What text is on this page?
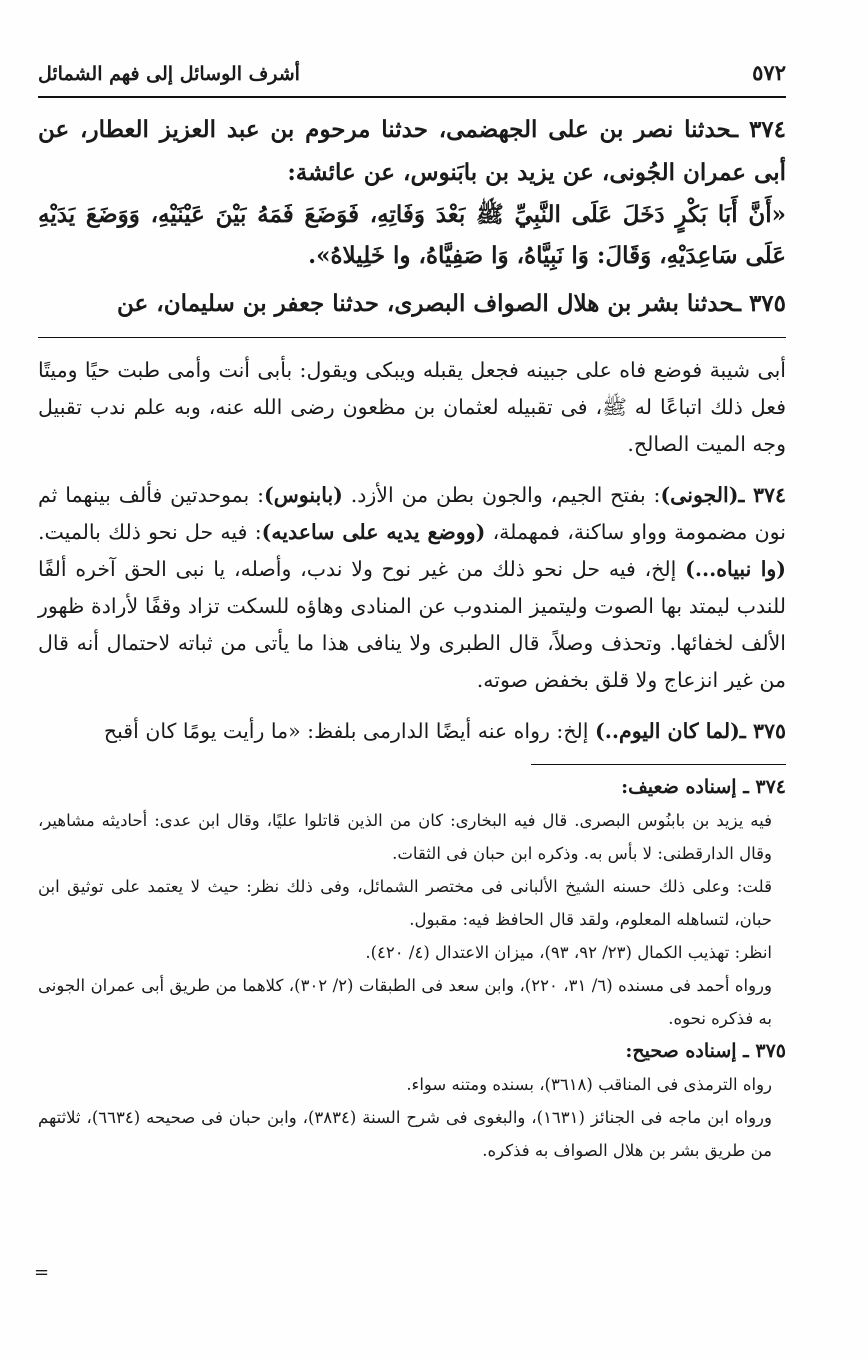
٥٧٢
أشرف الوسائل إلى فهم الشمائل
٣٧٤ ـحدثنا نصر بن على الجهضمى، حدثنا مرحوم بن عبد العزيز العطار، عن أبى عمران الجُونى، عن يزيد بن بابَنوس، عن عائشة:
«أَنَّ أَبَا بَكْرٍ دَخَلَ عَلَى النَّبِيِّ ﷺ بَعْدَ وَفَاتِهِ، فَوَضَعَ فَمَهُ بَيْنَ عَيْنَيْهِ، وَوَضَعَ يَدَيْهِ عَلَى سَاعِدَيْهِ، وَقَالَ: وَا نَبِيَّاهُ، وَا صَفِيَّاهُ، وا خَلِيلاهُ».
٣٧٥ ـحدثنا بشر بن هلال الصواف البصرى، حدثنا جعفر بن سليمان، عن

أبى شيبة فوضع فاه على جبينه فجعل يقبله ويبكى ويقول: بأبى أنت وأمى طبت حيًا وميتًا فعل ذلك اتباعًا له ﷺ، فى تقبيله لعثمان بن مظعون رضى الله عنه، وبه علم ندب تقبيل وجه الميت الصالح.

٣٧٤ ـ(الجونى): بفتح الجيم، والجون بطن من الأزد. (بابنوس): بموحدتين فألف بينهما ثم نون مضمومة وواو ساكنة، فمهملة، (ووضع يديه على ساعديه): فيه حل نحو ذلك بالميت. (وا نبياه...) إلخ، فيه حل نحو ذلك من غير نوح ولا ندب، وأصله، يا نبى الحق آخره ألفًا للندب ليمتد بها الصوت وليتميز المندوب عن المنادى وهاؤه للسكت تزاد وقفًا لأرادة ظهور الألف لخفائها. وتحذف وصلاً، قال الطبرى ولا ينافى هذا ما يأتى من ثباته لاحتمال أنه قال من غير انزعاج ولا قلق بخفض صوته.

٣٧٥ ـ(لما كان اليوم..) إلخ: رواه عنه أيضًا الدارمى بلفظ: «ما رأيت يومًا كان أقبح

٣٧٤ ـ إسناده ضعيف:

فيه يزيد بن بابنُوس البصرى. قال فيه البخارى: كان من الذين قاتلوا عليًا، وقال ابن عدى: أحاديثه مشاهير، وقال الدارقطنى: لا بأس به. وذكره ابن حبان فى الثقات.

قلت: وعلى ذلك حسنه الشيخ الألبانى فى مختصر الشمائل، وفى ذلك نظر: حيث لا يعتمد على توثيق ابن حبان، لتساهله المعلوم، ولقد قال الحافظ فيه: مقبول.

انظر: تهذيب الكمال (٢٣/ ٩٢، ٩٣)، ميزان الاعتدال (٤/ ٤٢٠).

ورواه أحمد فى مسنده (٦/ ٣١، ٢٢٠)، وابن سعد فى الطبقات (٢/ ٣٠٢)، كلاهما من طريق أبى عمران الجونى به فذكره نحوه.

٣٧٥ ـ إسناده صحيح:

رواه الترمذى فى المناقب (٣٦١٨)، بسنده ومتنه سواء.

ورواه ابن ماجه فى الجنائز (١٦٣١)، والبغوى فى شرح السنة (٣٨٣٤)، وابن حبان فى صحيحه (٦٦٣٤)، ثلاثتهم من طريق بشر بن هلال الصواف به فذكره.

=
